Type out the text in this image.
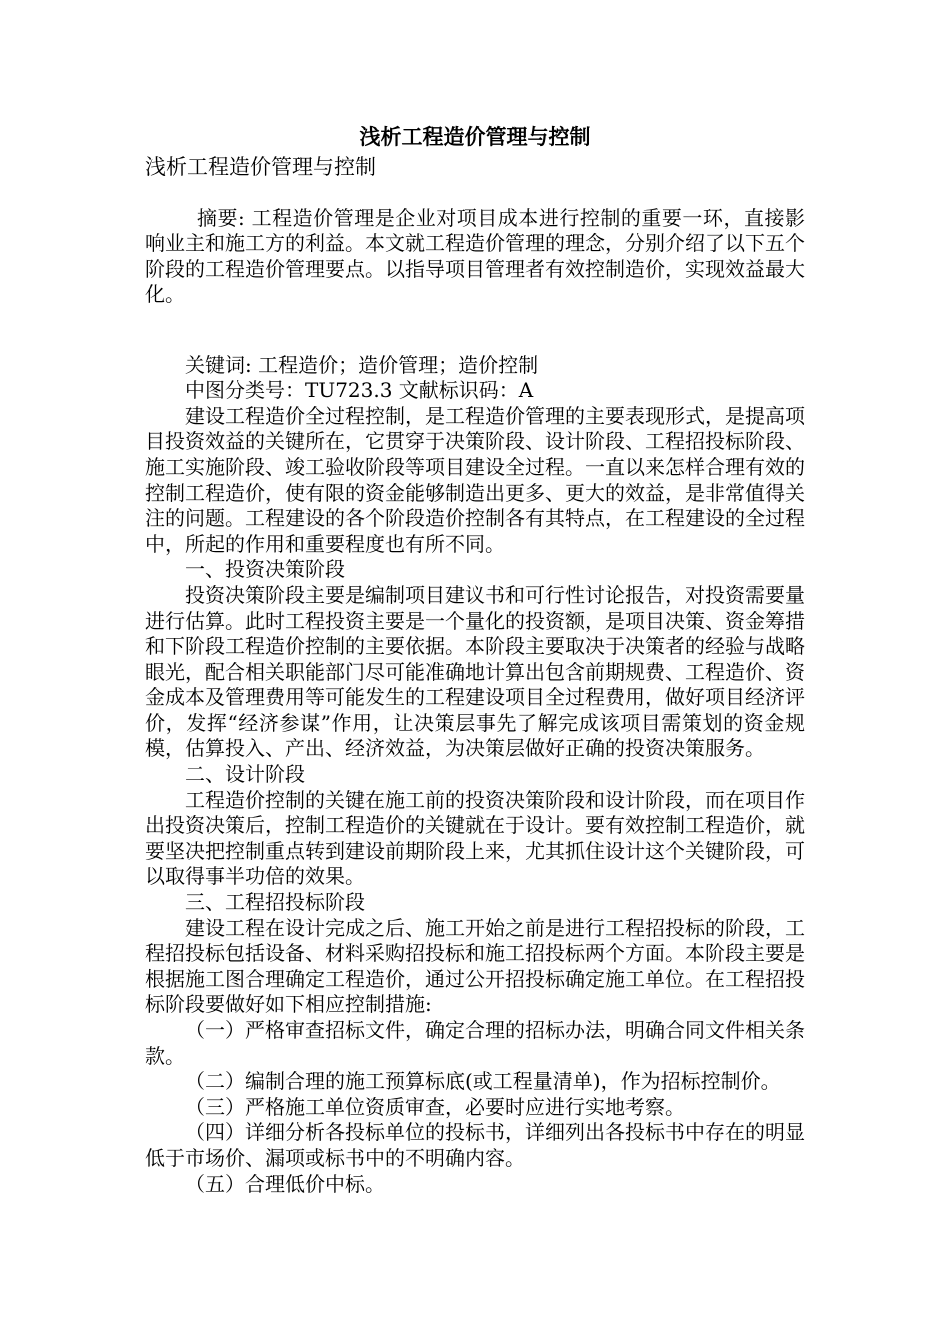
浅析工程造价管理与控制

浅析工程造价管理与控制

摘要: 工程造价管理是企业对项目成本进行控制的重要一环，直接影响业主和施工方的利益。本文就工程造价管理的理念，分别介绍了以下五个阶段的工程造价管理要点。以指导项目管理者有效控制造价，实现效益最大化。

关键词: 工程造价；造价管理；造价控制

中图分类号：TU723.3 文献标识码：A

建设工程造价全过程控制，是工程造价管理的主要表现形式，是提高项目投资效益的关键所在，它贯穿于决策阶段、设计阶段、工程招投标阶段、施工实施阶段、竣工验收阶段等项目建设全过程。一直以来怎样合理有效的控制工程造价，使有限的资金能够制造出更多、更大的效益，是非常值得关注的问题。工程建设的各个阶段造价控制各有其特点，在工程建设的全过程中，所起的作用和重要程度也有所不同。

一、投资决策阶段

投资决策阶段主要是编制项目建议书和可行性讨论报告，对投资需要量进行估算。此时工程投资主要是一个量化的投资额，是项目决策、资金筹措和下阶段工程造价控制的主要依据。本阶段主要取决于决策者的经验与战略眼光，配合相关职能部门尽可能准确地计算出包含前期规费、工程造价、资金成本及管理费用等可能发生的工程建设项目全过程费用，做好项目经济评价，发挥“经济参谋”作用，让决策层事先了解完成该项目需策划的资金规模，估算投入、产出、经济效益，为决策层做好正确的投资决策服务。

二、设计阶段

工程造价控制的关键在施工前的投资决策阶段和设计阶段，而在项目作出投资决策后，控制工程造价的关键就在于设计。要有效控制工程造价，就要坚决把控制重点转到建设前期阶段上来，尤其抓住设计这个关键阶段，可以取得事半功倍的效果。

三、工程招投标阶段

建设工程在设计完成之后、施工开始之前是进行工程招投标的阶段，工程招投标包括设备、材料采购招投标和施工招投标两个方面。本阶段主要是根据施工图合理确定工程造价，通过公开招投标确定施工单位。在工程招投标阶段要做好如下相应控制措施:

（一）严格审查招标文件，确定合理的招标办法，明确合同文件相关条款。

（二）编制合理的施工预算标底(或工程量清单)，作为招标控制价。

（三）严格施工单位资质审查，必要时应进行实地考察。

（四）详细分析各投标单位的投标书，详细列出各投标书中存在的明显低于市场价、漏项或标书中的不明确内容。

（五）合理低价中标。
